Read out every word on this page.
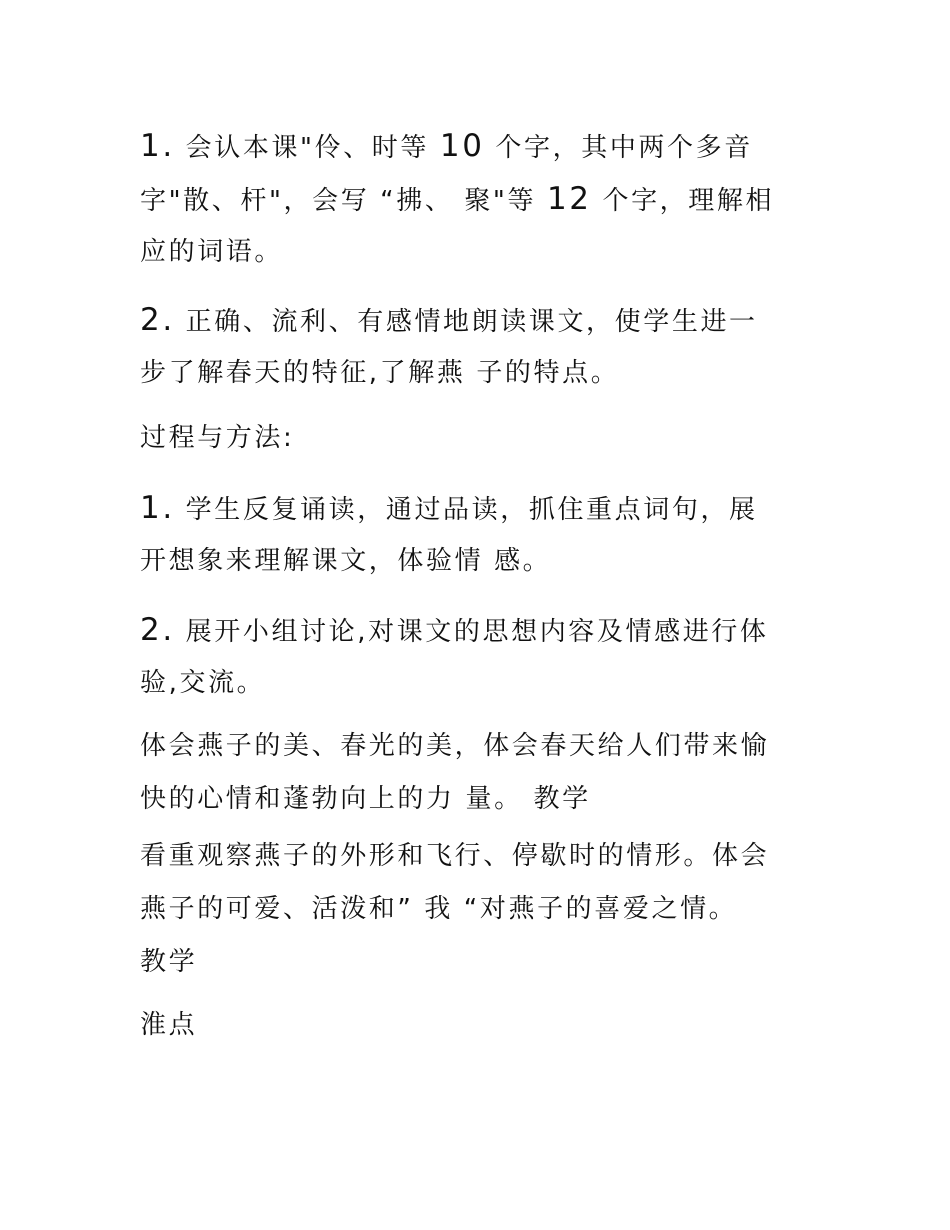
1. 会认本课"伶、时等 10 个字，其中两个多音
字"散、杆"，会写 “拂、 聚"等 12 个字，理解相
应的词语。
2. 正确、流利、有感情地朗读课文，使学生进一
步了解春天的特征,了解燕 子的特点。
过程与方法:
1. 学生反复诵读，通过品读，抓住重点词句，展
开想象来理解课文，体验情 感。
2. 展开小组讨论,对课文的思想内容及情感进行体
验,交流。
体会燕子的美、春光的美，体会春天给人们带来愉
快的心情和蓬勃向上的力 量。 教学
看重观察燕子的外形和飞行、停歇时的情形。体会
燕子的可爱、活泼和” 我 “对燕子的喜爱之情。
教学
淮点
